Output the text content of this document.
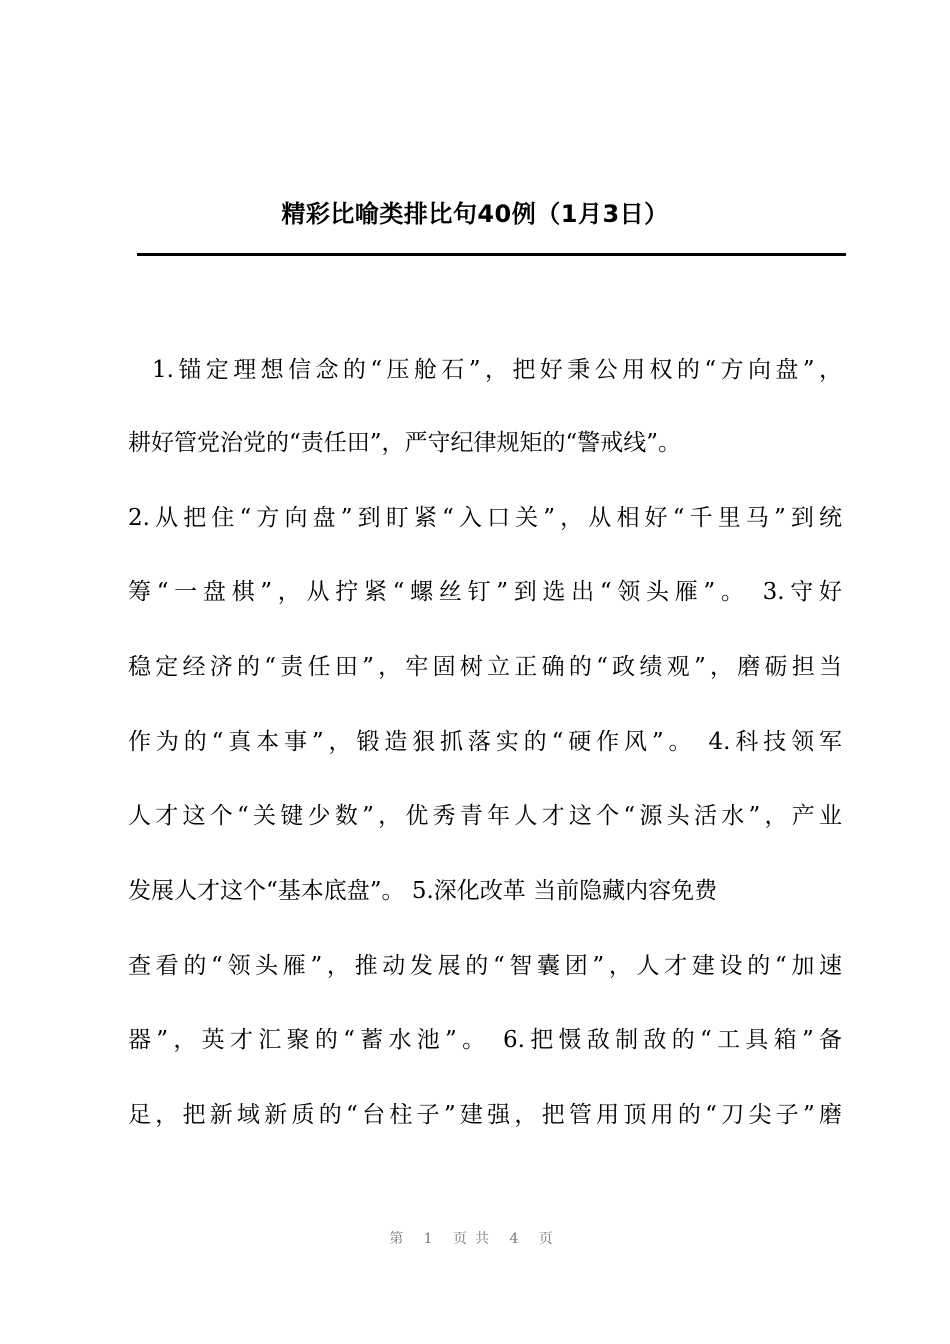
精彩比喻类排比句40例（1月3日）
1.锚定理想信念的“压舱石”，把好秉公用权的“方向盘”，
耕好管党治党的“责任田”，严守纪律规矩的“警戒线”。
2.从把住“方向盘”到盯紧“入口关”，从相好“千里马”到统
筹“一盘棋”，从拧紧“螺丝钉”到选出“领头雁”。 3.守好
稳定经济的“责任田”，牢固树立正确的“政绩观”，磨砺担当
作为的“真本事”，锻造狠抓落实的“硬作风”。 4.科技领军
人才这个“关键少数”，优秀青年人才这个“源头活水”，产业
发展人才这个“基本底盘”。 5.深化改革 当前隐藏内容免费
查看的“领头雁”，推动发展的“智囊团”，人才建设的“加速
器”，英才汇聚的“蓄水池”。 6.把慑敌制敌的“工具箱”备
足，把新域新质的“台柱子”建强，把管用顶用的“刀尖子”磨
第 1 页共 4 页
